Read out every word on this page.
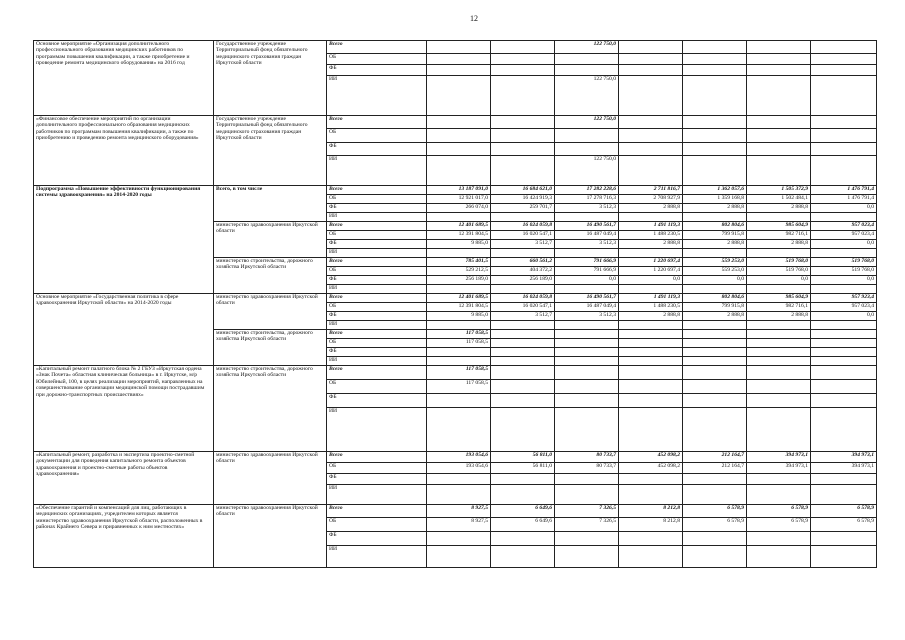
12
Основное мероприятие «Организация дополнительного профессионального образования медицинских работников по программам повышения квалификации, а также приобретение и проведение ремонта медицинского оборудования» на 2016 год	Государственное учреждение Территориальный фонд обязательного медицинского страхования граждан Иркутской области	Всего			122 750,0				
		ОБ							
		ФБ							
		ИИ			122 750,0				
«Финансовое обеспечение мероприятий по организации дополнительного профессионального образования медицинских работников по программам повышения квалификации, а также по приобретению и проведению ремонта медицинского оборудования»	Государственное учреждение Территориальный фонд обязательного медицинского страхования граждан Иркутской области	Всего			122 750,0				
		ОБ							
		ФБ							
		ИИ			122 750,0				
Подпрограмма «Повышение эффективности функционирования системы здравоохранения» на 2014-2020 годы	Всего, в том числе	Всего	13 187 091,0	16 684 621,0	17 282 228,6	2 711 816,7	1 362 057,6	1 505 372,9	1 476 791,4
		ОБ	12 921 017,0	16 424 919,3	17 278 716,3	2 708 927,9	1 359 168,8	1 502 484,1	1 476 791,4
		ФБ	266 074,0	259 701,7	3 512,3	2 888,8	2 888,8	2 888,8	0,0
		ИИ							
	министерство здравоохранения Иркутской области	Всего	12 401 689,5	16 024 059,8	16 490 561,7	1 491 119,3	802 804,6	985 604,9	957 023,4
		ОБ	12 391 804,5	16 020 547,1	16 487 049,4	1 488 230,5	799 915,8	982 716,1	957 023,4
		ФБ	9 885,0	3 512,7	3 512,3	2 888,8	2 888,8	2 888,8	0,0
		ИИ							
	министерство строительства, дорожного хозяйства Иркутской области	Всего	785 401,5	660 561,2	791 666,9	1 220 697,4	559 253,0	519 768,0	519 768,0
		ОБ	529 212,5	404 372,2	791 666,9	1 220 697,4	559 253,0	519 768,0	519 768,0
		ФБ	256 189,0	256 189,0	0,0	0,0	0,0	0,0	0,0
		ИИ							
Основное мероприятие «Государственная политика в сфере здравоохранения Иркутской области» на 2014-2020 годы	министерство здравоохранения Иркутской области	Всего	12 401 689,5	16 024 059,8	16 490 561,7	1 491 119,3	802 804,6	985 604,9	957 923,4
		ОБ	12 391 804,5	16 020 547,1	16 487 049,4	1 488 230,5	799 915,8	982 716,1	957 023,4
		ФБ	9 885,0	3 512,7	3 512,3	2 888,8	2 888,8	2 888,8	0,0
		ИИ							
	министерство строительства, дорожного хозяйства Иркутской области	Всего	117 058,5						
		ОБ	117 058,5						
		ФБ							
		ИИ							
«Капитальный ремонт палатного блока № 2 ГБУЗ «Иркутская ордена «Знак Почета» областная клиническая больница» в г. Иркутске, м/р Юбилейный, 100, в целях реализации мероприятий, направленных на совершенствование организации медицинской помощи пострадавшим при дорожно-транспортных происшествиях»	министерство строительства, дорожного хозяйства Иркутской области	Всего	117 058,5						
		ОБ	117 058,5						
		ФБ							
		ИИ							
«Капитальный ремонт, разработка и экспертиза проектно-сметной документации для проведения капитального ремонта объектов здравоохранения и проектно-сметные работы объектов здравоохранения»	министерство здравоохранения Иркутской области	Всего	193 054,6	56 811,0	80 733,7	452 098,2	212 164,7	394 973,1	394 973,1
		ОБ	193 054,6	56 811,0	80 733,7	452 098,2	212 164,7	394 973,1	394 973,1
		ФБ							
		ИИ							
«Обеспечение гарантий и компенсаций для лиц, работающих в медицинских организациях, учредителем которых является министерство здравоохранения Иркутской области, расположенных в районах Крайнего Севера и приравненных к ним местностях»	министерство здравоохранения Иркутской области	Всего	8 927,5	6 649,6	7 326,5	8 212,8	6 578,9	6 578,9	6 578,9
		ОБ	8 927,5	6 649,6	7 326,5	8 212,8	6 578,9	6 578,9	6 578,9
		ФБ							
		ИИ							
